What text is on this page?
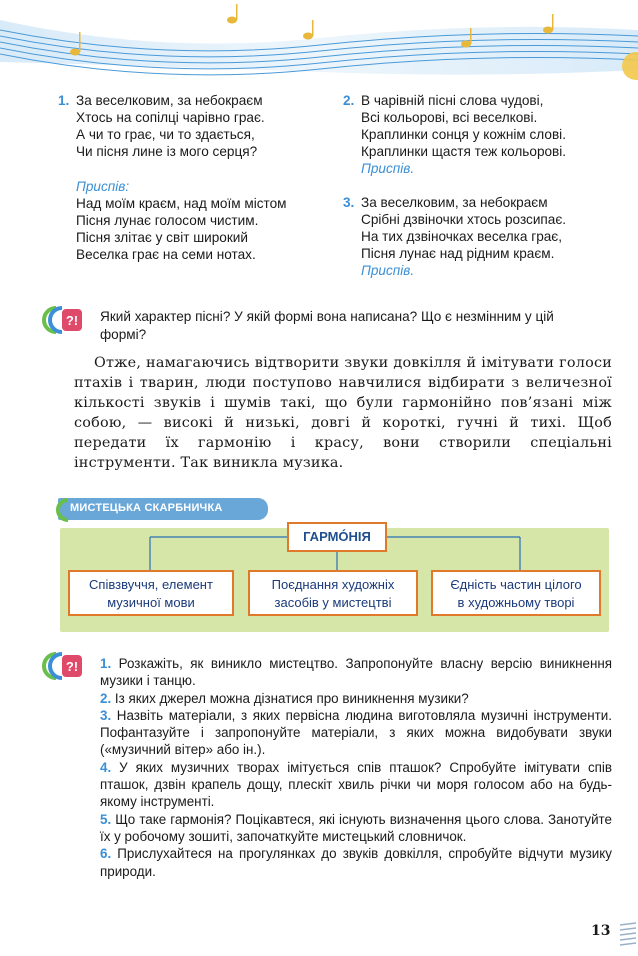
1. За веселковим, за небокраєм
Хтось на сопілці чарівно грає.
А чи то грає, чи то здається,
Чи пісня лине із мого серця?
Приспів:
Над моїм краєм, над моїм містом
Пісня лунає голосом чистим.
Пісня злітає у світ широкий
Веселка грає на семи нотах.
2. В чарівній пісні слова чудові,
Всі кольорові, всі веселкові.
Краплинки сонця у кожнім слові.
Краплинки щастя теж кольорові.
Приспів.
3. За веселковим, за небокраєм
Срібні дзвіночки хтось розсипає.
На тих дзвіночках веселка грає,
Пісня лунає над рідним краєм.
Приспів.
?! Який характер пісні? У якій формі вона написана? Що є незмінним у цій
формі?

Отже, намагаючись відтворити звуки довкілля й імітувати голоси птахів і тварин, люди поступово навчилися відбирати з величезної кількості звуків і шумів такі, що були гармонійно пов’язані між собою, — високі й низькі, довгі й короткі, гучні й тихі. Щоб передати їх гармонію і красу, вони створили спеціальні інструменти. Так виникла музика.

МИСТЕЦЬКА СКАРБНИЧКА
ГАРМÓНІЯ
Співзвуччя, елемент
музичної мови
Поєднання художніх
засобів у мистецтві
Єдність частин цілого
в художньому творі
?! 1. Розкажіть, як виникло мистецтво. Запропонуйте власну версію виникнення музики і танцю.

2. Із яких джерел можна дізнатися про виникнення музики?

3. Назвіть матеріали, з яких первісна людина виготовляла музичні інструменти. Пофантазуйте і запропонуйте матеріали, з яких можна видобувати звуки («музичний вітер» або ін.).

4. У яких музичних творах імітується спів пташок? Спробуйте імітувати спів пташок, дзвін крапель дощу, плескіт хвиль річки чи моря голосом або на будь-якому інструменті.

5. Що таке гармонія? Поцікавтеся, які існують визначення цього слова. Занотуйте їх у робочому зошиті, започаткуйте мистецький словничок.

6. Прислухайтеся на прогулянках до звуків довкілля, спробуйте відчути музику природи.

13
